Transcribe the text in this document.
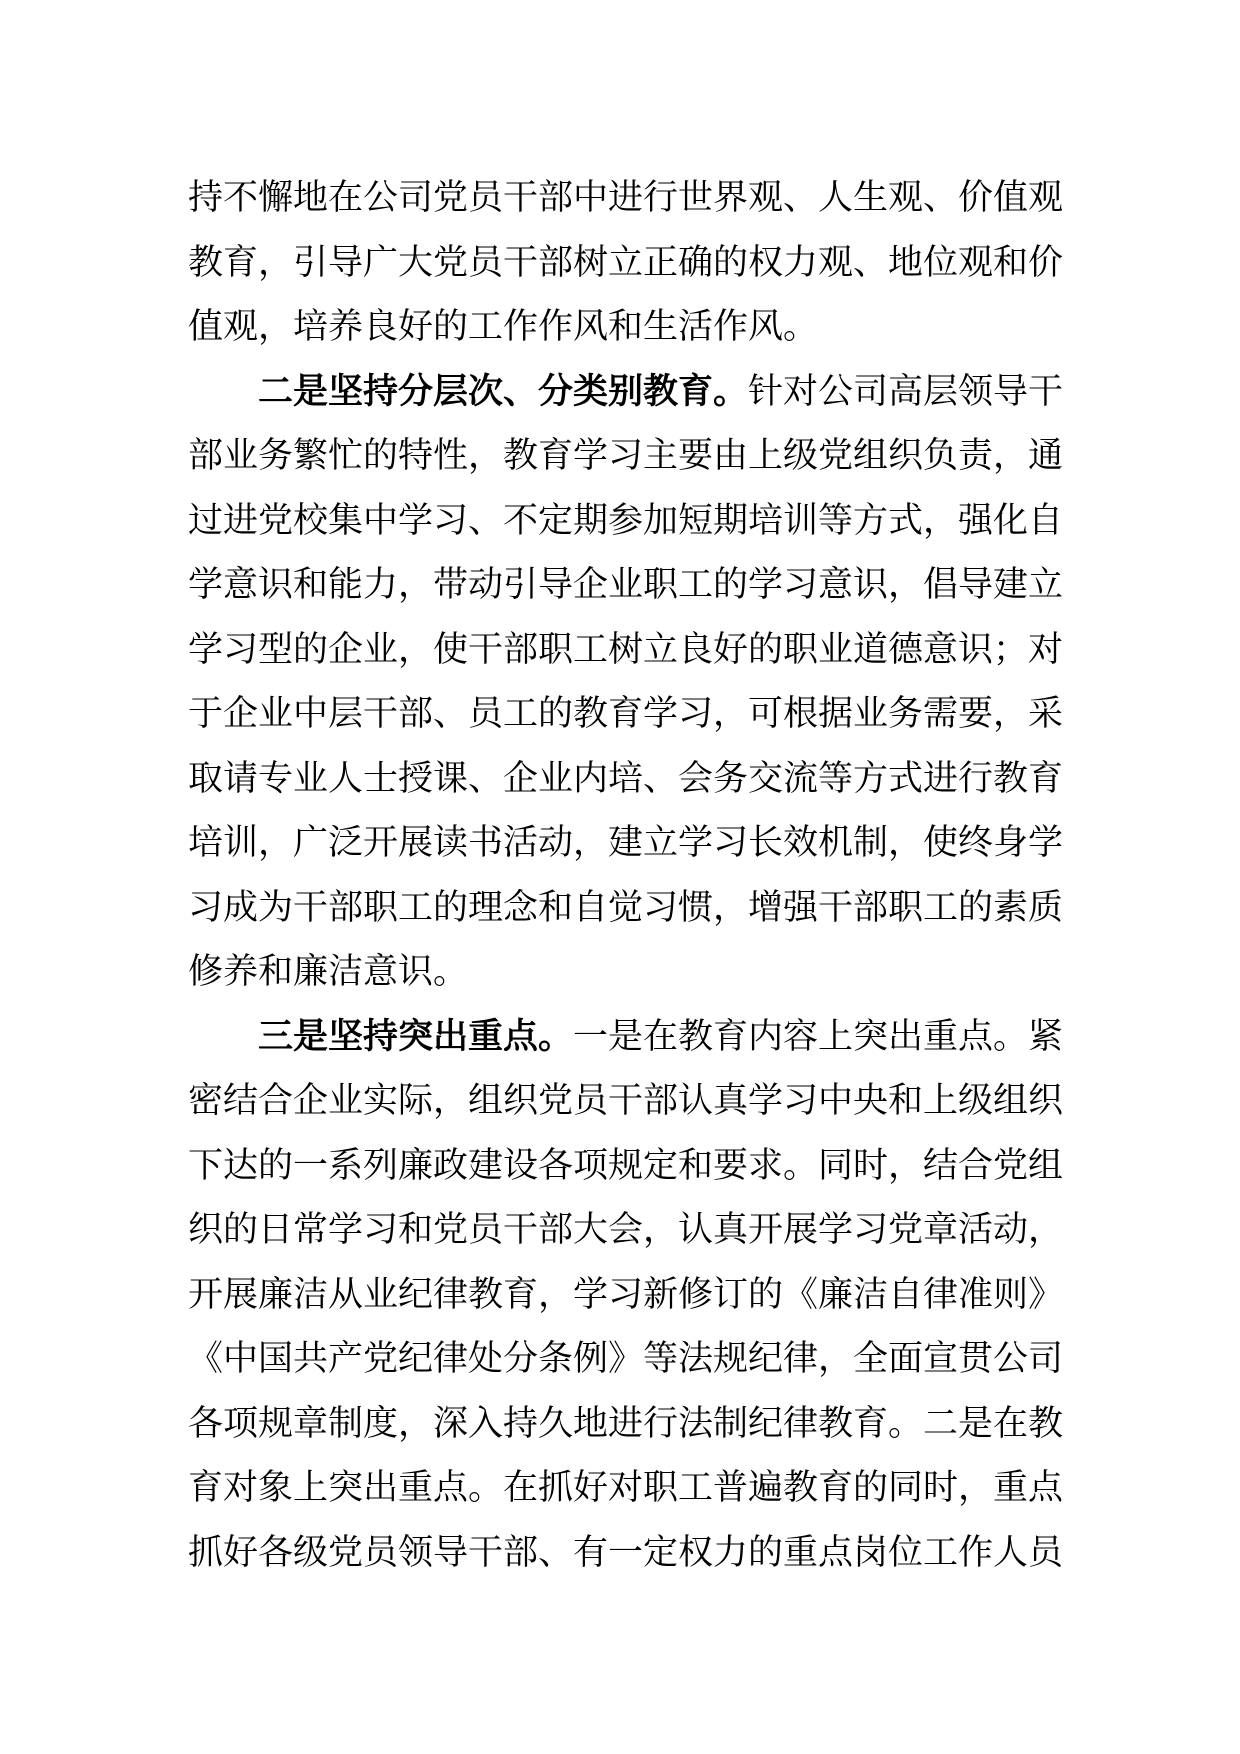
持不懈地在公司党员干部中进行世界观、人生观、价值观
教育，引导广大党员干部树立正确的权力观、地位观和价
值观，培养良好的工作作风和生活作风。
二是坚持分层次、分类别教育。针对公司高层领导干
部业务繁忙的特性，教育学习主要由上级党组织负责，通
过进党校集中学习、不定期参加短期培训等方式，强化自
学意识和能力，带动引导企业职工的学习意识，倡导建立
学习型的企业，使干部职工树立良好的职业道德意识；对
于企业中层干部、员工的教育学习，可根据业务需要，采
取请专业人士授课、企业内培、会务交流等方式进行教育
培训，广泛开展读书活动，建立学习长效机制，使终身学
习成为干部职工的理念和自觉习惯，增强干部职工的素质
修养和廉洁意识。
三是坚持突出重点。一是在教育内容上突出重点。紧
密结合企业实际，组织党员干部认真学习中央和上级组织
下达的一系列廉政建设各项规定和要求。同时，结合党组
织的日常学习和党员干部大会，认真开展学习党章活动，
开展廉洁从业纪律教育，学习新修订的《廉洁自律准则》
《中国共产党纪律处分条例》等法规纪律，全面宣贯公司
各项规章制度，深入持久地进行法制纪律教育。二是在教
育对象上突出重点。在抓好对职工普遍教育的同时，重点
抓好各级党员领导干部、有一定权力的重点岗位工作人员
